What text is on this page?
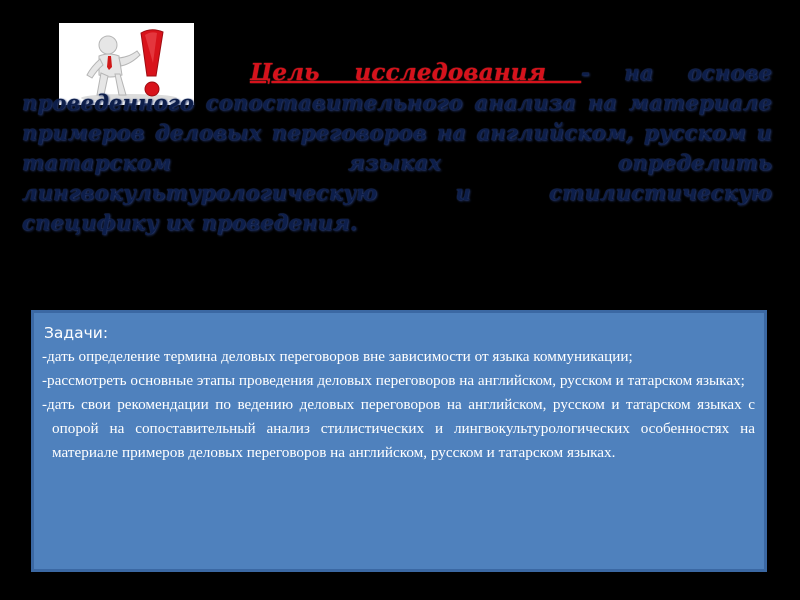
Цель исследования - на основе проведенного сопоставительного анализа на материале примеров деловых переговоров на английском, русском и татарском языках определить лингвокультурологическую и стилистическую специфику их проведения.

Задачи:
-дать определение термина деловых переговоров вне зависимости от языка коммуникации;
-рассмотреть основные этапы проведения деловых переговоров на английском, русском и татарском языках;
-дать свои рекомендации по ведению деловых переговоров на английском, русском и татарском языках с опорой на сопоставительный анализ стилистических и лингвокультурологических особенностях на материале примеров деловых переговоров на английском, русском и татарском языках.
